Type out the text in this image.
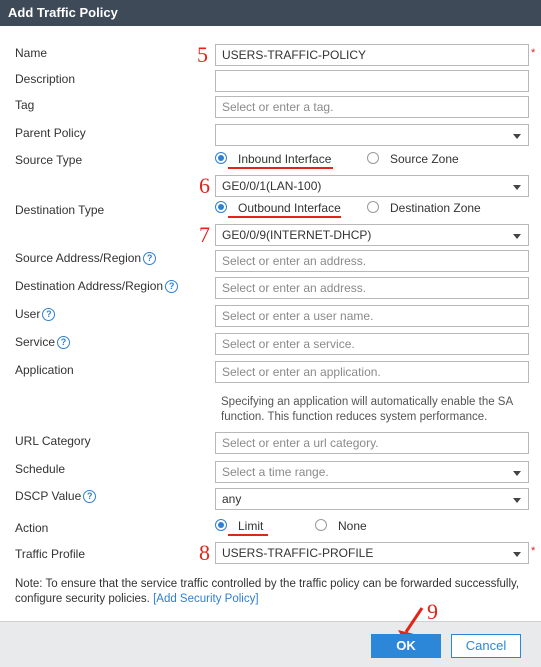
Add Traffic Policy
Name	5	USERS-TRAFFIC-POLICY	*
Description
Tag	Select or enter a tag.
Parent Policy
Source Type	Inbound Interface	Source Zone
6	GE0/0/1(LAN-100)
Destination Type	Outbound Interface	Destination Zone
7	GE0/0/9(INTERNET-DHCP)
Source Address/Region ?	Select or enter an address.
Destination Address/Region ?	Select or enter an address.
User ?	Select or enter a user name.
Service ?	Select or enter a service.
Application	Select or enter an application.
Specifying an application will automatically enable the SA function. This function reduces system performance.
URL Category	Select or enter a url category.
Schedule	Select a time range.
DSCP Value ?	any
Action	Limit	None
Traffic Profile	8	USERS-TRAFFIC-PROFILE	*
Note: To ensure that the service traffic controlled by the traffic policy can be forwarded successfully, configure security policies. [Add Security Policy]	9
OK	Cancel
